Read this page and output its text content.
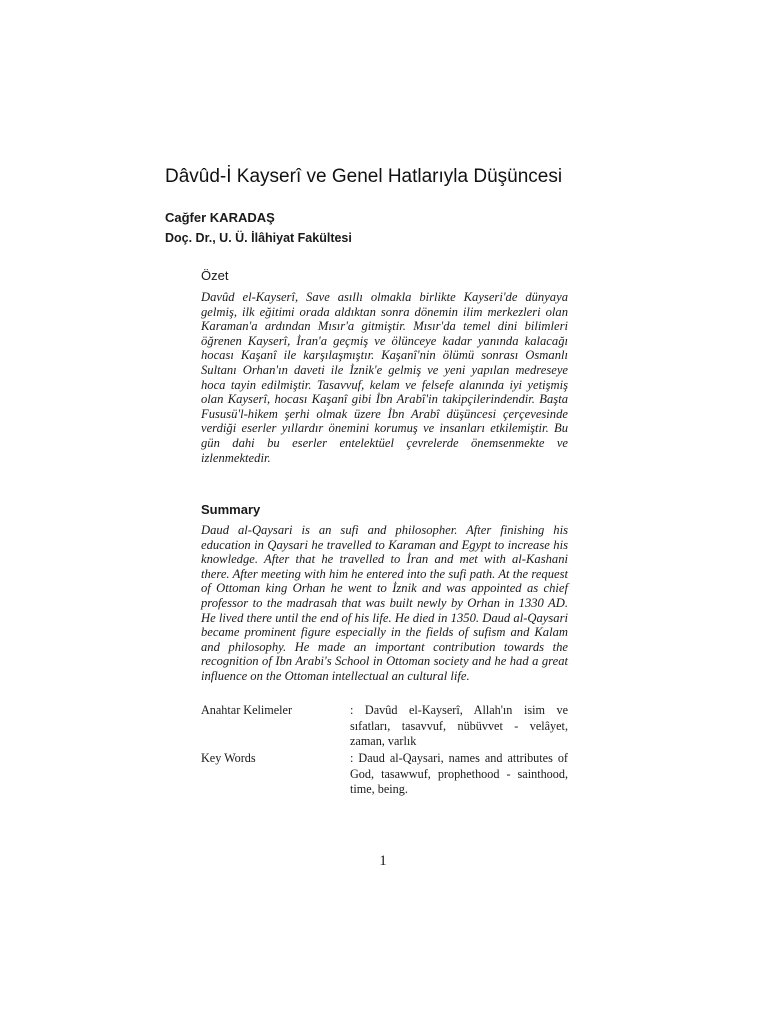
Dâvûd-İ Kayserî ve Genel Hatlarıyla Düşüncesi
Cağfer KARADAŞ
Doç. Dr., U. Ü. İlâhiyat Fakültesi
Özet

Davûd el-Kayserî, Save asıllı olmakla birlikte Kayseri'de dünyaya gelmiş, ilk eğitimi orada aldıktan sonra dönemin ilim merkezleri olan Karaman'a ardından Mısır'a gitmiştir. Mısır'da temel dini bilimleri öğrenen Kayserî, İran'a geçmiş ve ölünceye kadar yanında kalacağı hocası Kaşanî ile karşılaşmıştır. Kaşanî'nin ölümü sonrası Osmanlı Sultanı Orhan'ın daveti ile İznik'e gelmiş ve yeni yapılan medreseye hoca tayin edilmiştir. Tasavvuf, kelam ve felsefe alanında iyi yetişmiş olan Kayserî, hocası Kaşanî gibi İbn Arabî'in takipçilerindendir. Başta Fususü'l-hikem şerhi olmak üzere İbn Arabî düşüncesi çerçevesinde verdiği eserler yıllardır önemini korumuş ve insanları etkilemiştir. Bu gün dahi bu eserler entelektüel çevrelerde önemsenmekte ve izlenmektedir.

Summary

Daud al-Qaysari is an sufi and philosopher. After finishing his education in Qaysari he travelled to Karaman and Egypt to increase his knowledge. After that he travelled to İran and met with al-Kashani there. After meeting with him he entered into the sufi path. At the request of Ottoman king Orhan he went to İznik and was appointed as chief professor to the madrasah that was built newly by Orhan in 1330 AD. He lived there until the end of his life. He died in 1350. Daud al-Qaysari became prominent figure especially in the fields of sufism and Kalam and philosophy. He made an important contribution towards the recognition of Ibn Arabi's School in Ottoman society and he had a great influence on the Ottoman intellectual an cultural life.

Anahtar Kelimeler	: Davûd el-Kayserî, Allah'ın isim ve sıfatları, tasavvuf, nübüvvet - velâyet, zaman, varlık
Key Words	: Daud al-Qaysari, names and attributes of God, tasawwuf, prophethood - sainthood, time, being.
1
